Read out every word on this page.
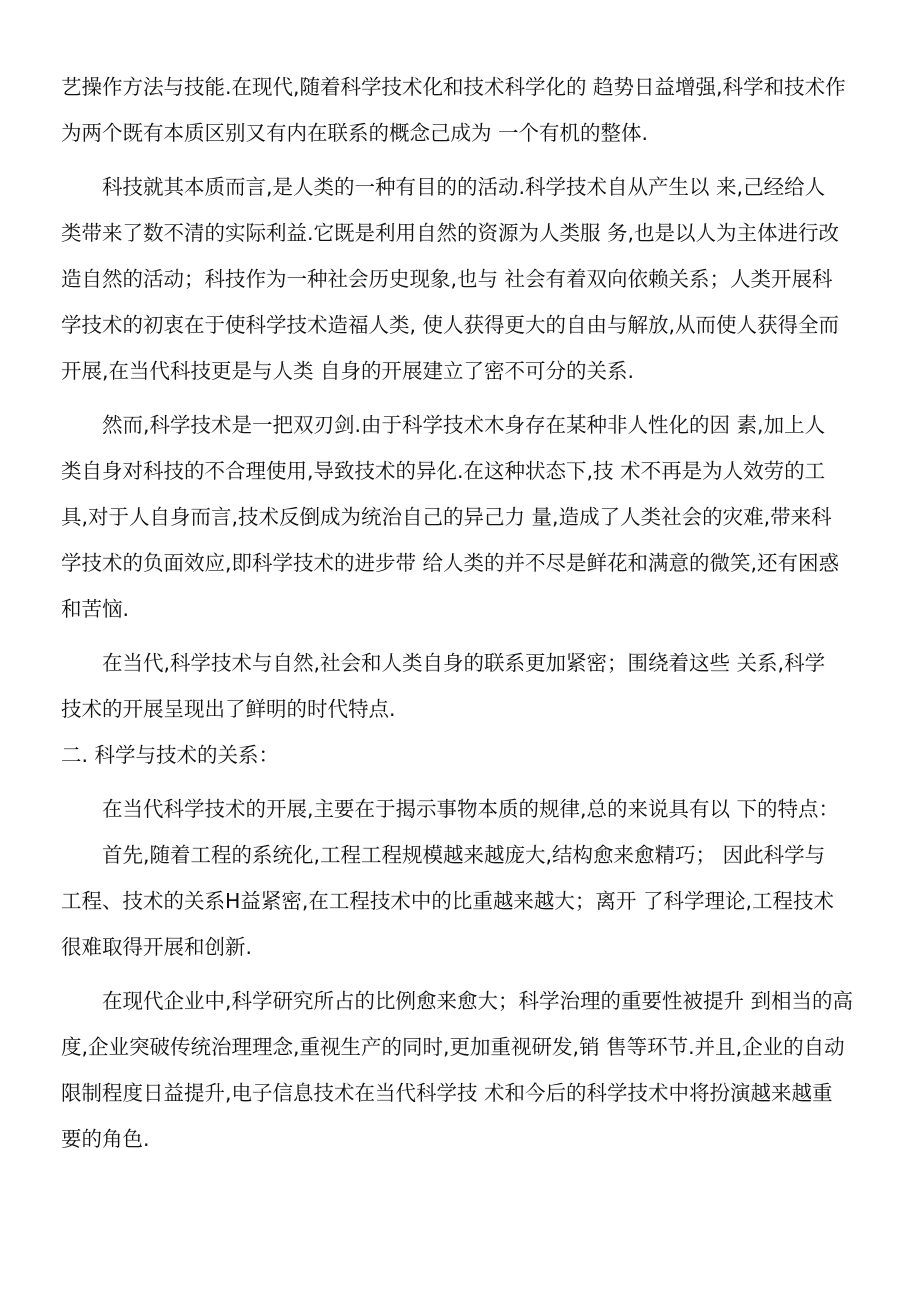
艺操作方法与技能.在现代,随着科学技术化和技术科学化的 趋势日益增强,科学和技术作
为两个既有本质区别又有内在联系的概念己成为 一个有机的整体.
科技就其本质而言,是人类的一种有目的的活动.科学技术自从产生以 来,己经给人
类带来了数不清的实际利益.它既是利用自然的资源为人类服 务,也是以人为主体进行改
造自然的活动；科技作为一种社会历史现象,也与 社会有着双向依赖关系；人类开展科
学技术的初衷在于使科学技术造福人类, 使人获得更大的自由与解放,从而使人获得全而
开展,在当代科技更是与人类 自身的开展建立了密不可分的关系.
然而,科学技术是一把双刃剑.由于科学技术木身存在某种非人性化的因 素,加上人
类自身对科技的不合理使用,导致技术的异化.在这种状态下,技 术不再是为人效劳的工
具,对于人自身而言,技术反倒成为统治自己的异己力 量,造成了人类社会的灾难,带来科
学技术的负面效应,即科学技术的进步带 给人类的并不尽是鲜花和满意的微笑,还有困惑
和苦恼.
在当代,科学技术与自然,社会和人类自身的联系更加紧密；围绕着这些 关系,科学
技术的开展呈现出了鲜明的时代特点.
二. 科学与技术的关系：
在当代科学技术的开展,主要在于揭示事物本质的规律,总的来说具有以 下的特点：
首先,随着工程的系统化,工程工程规模越来越庞大,结构愈来愈精巧； 因此科学与
工程、技术的关系H益紧密,在工程技术中的比重越来越大；离开 了科学理论,工程技术
很难取得开展和创新.
在现代企业中,科学研究所占的比例愈来愈大；科学治理的重要性被提升 到相当的高
度,企业突破传统治理理念,重视生产的同时,更加重视研发,销 售等环节.并且,企业的自动
限制程度日益提升,电子信息技术在当代科学技 术和今后的科学技术中将扮演越来越重
要的角色.
